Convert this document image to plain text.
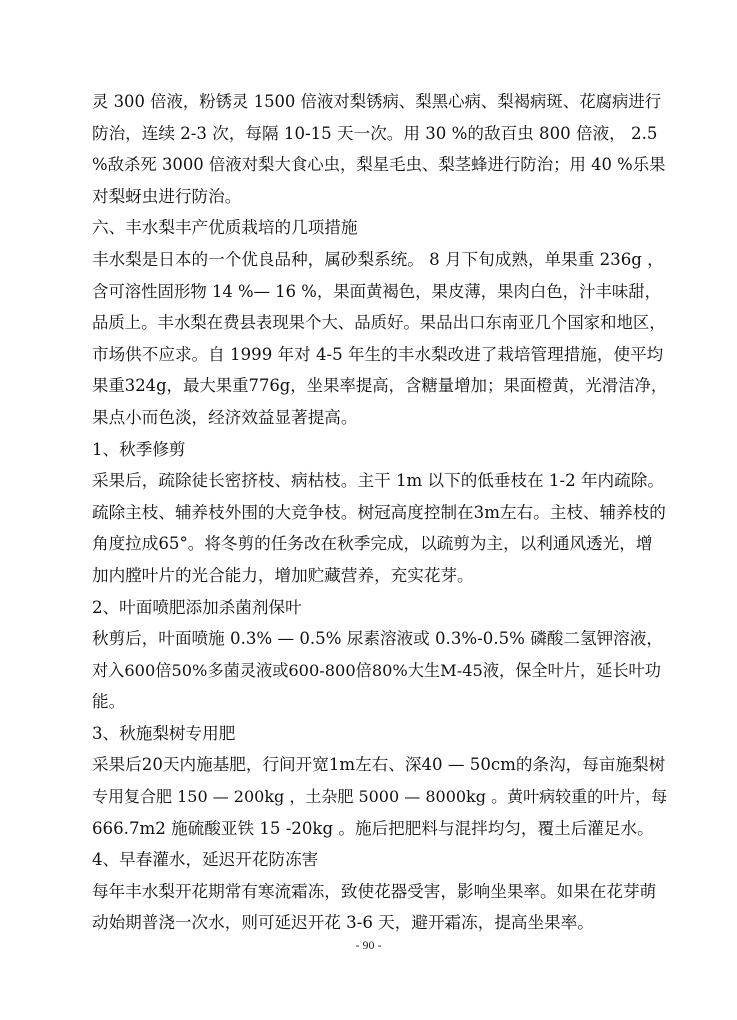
灵 300 倍液，粉锈灵 1500 倍液对梨锈病、梨黑心病、梨褐病斑、花腐病进行

防治，连续 2-3 次，每隔 10-15 天一次。用 30 %的敌百虫 800 倍液， 2.5

%敌杀死 3000 倍液对梨大食心虫，梨星毛虫、梨茎蜂进行防治；用 40 %乐果

对梨蚜虫进行防治。

六、丰水梨丰产优质栽培的几项措施

丰水梨是日本的一个优良品种，属砂梨系统。 8 月下旬成熟，单果重 236g ，

含可溶性固形物 14 %— 16 %，果面黄褐色，果皮薄，果肉白色，汁丰味甜，

品质上。丰水梨在费县表现果个大、品质好。果品出口东南亚几个国家和地区，

市场供不应求。自 1999 年对 4-5 年生的丰水梨改进了栽培管理措施，使平均

果重324g，最大果重776g，坐果率提高，含糖量增加；果面橙黄，光滑洁净，

果点小而色淡，经济效益显著提高。

1、秋季修剪

采果后，疏除徒长密挤枝、病枯枝。主干 1m 以下的低垂枝在 1-2 年内疏除。

疏除主枝、辅养枝外围的大竞争枝。树冠高度控制在3m左右。主枝、辅养枝的

角度拉成65°。将冬剪的任务改在秋季完成，以疏剪为主，以利通风透光，增

加内膛叶片的光合能力，增加贮藏营养，充实花芽。

2、叶面喷肥添加杀菌剂保叶

秋剪后，叶面喷施 0.3% — 0.5% 尿素溶液或 0.3%-0.5% 磷酸二氢钾溶液，

对入600倍50%多菌灵液或600-800倍80%大生M-45液，保全叶片，延长叶功

能。

3、秋施梨树专用肥

采果后20天内施基肥，行间开宽1m左右、深40 — 50cm的条沟，每亩施梨树

专用复合肥 150 — 200kg ，土杂肥 5000 — 8000kg 。黄叶病较重的叶片，每

666.7m2 施硫酸亚铁 15 -20kg 。施后把肥料与混拌均匀，覆土后灌足水。

4、早春灌水，延迟开花防冻害

每年丰水梨开花期常有寒流霜冻，致使花器受害，影响坐果率。如果在花芽萌

动始期普浇一次水，则可延迟开花 3-6 天，避开霜冻，提高坐果率。

- 90 -
